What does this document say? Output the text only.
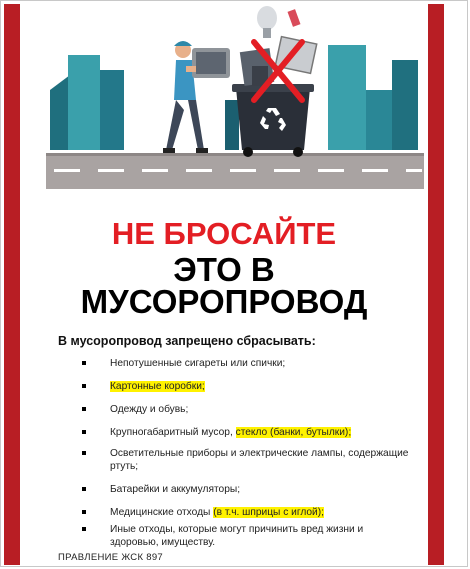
НЕ БРОСАЙТЕ
ЭТО В
МУСОРОПРОВОД
В мусоропровод запрещено сбрасывать:
Непотушенные сигареты или спички;
Картонные коробки;
Одежду и обувь;
Крупногабаритный мусор, стекло (банки, бутылки);
Осветительные приборы и электрические лампы, содержащие ртуть;
Батарейки и аккумуляторы;
Медицинские отходы (в т.ч. шприцы с иглой);
Иные отходы, которые могут причинить вред жизни и здоровью, имуществу.
ПРАВЛЕНИЕ ЖСК 897
